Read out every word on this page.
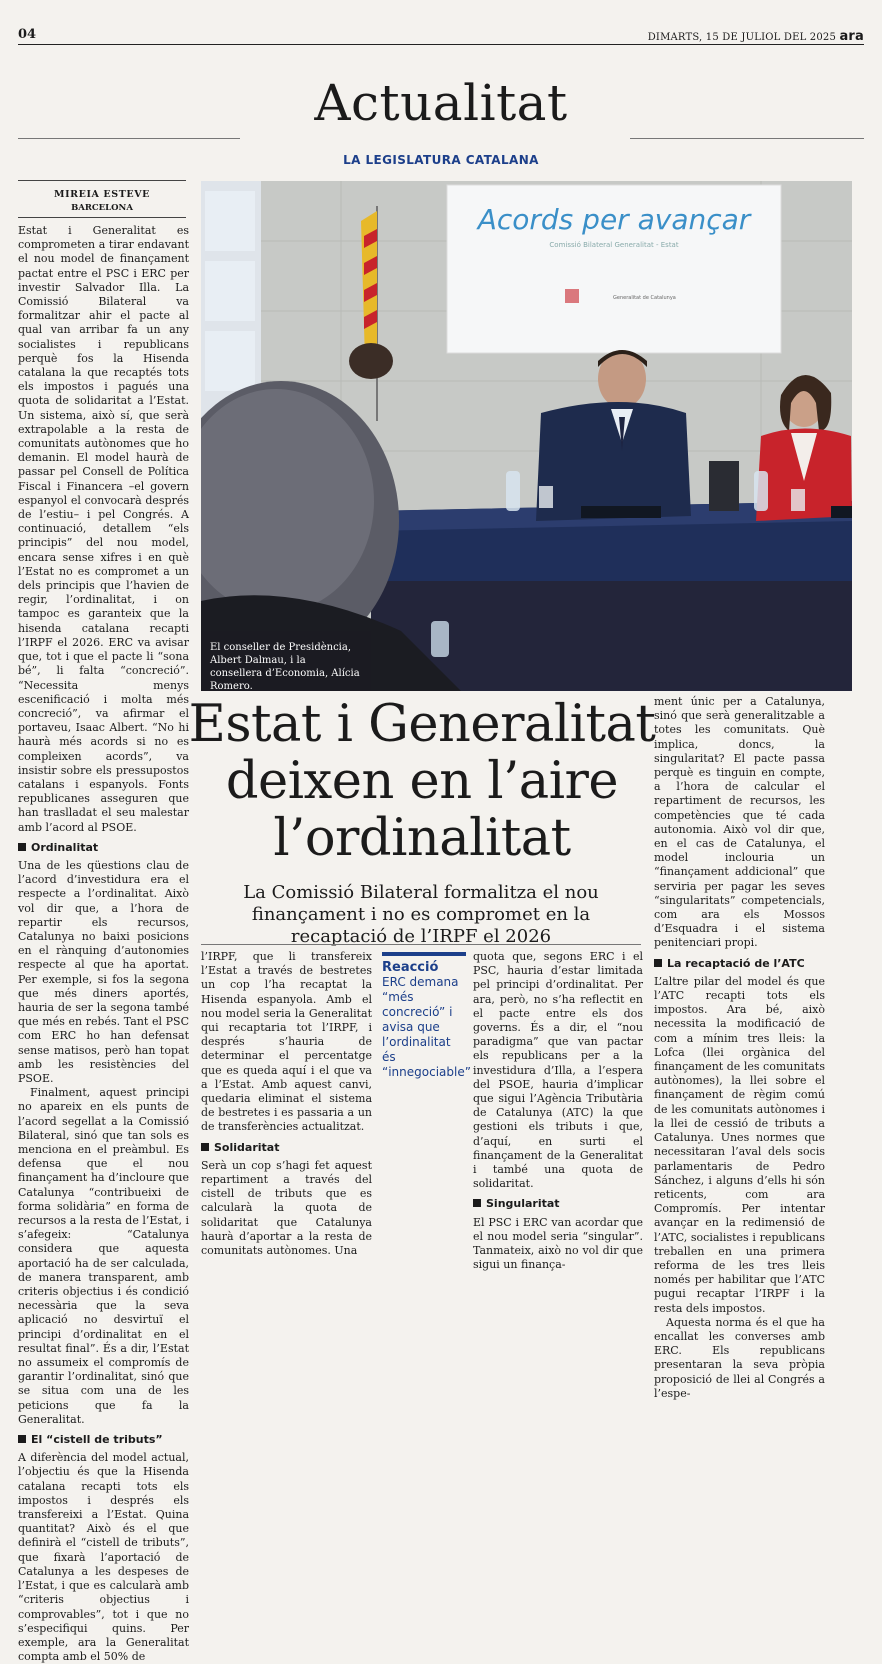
04	DIMARTS, 15 DE JULIOL DEL 2025 ara
Actualitat
LA LEGISLATURA CATALANA
MIREIA ESTEVE
BARCELONA

Estat i Generalitat es comprometen a tirar endavant el nou model de finançament pactat entre el PSC i ERC per investir Salvador Illa. La Comissió Bilateral va formalitzar ahir el pacte al qual van arribar fa un any socialistes i republicans perquè fos la Hisenda catalana la que recaptés tots els impostos i pagués una quota de solidaritat a l’Estat. Un sistema, això sí, que serà extrapolable a la resta de comunitats autònomes que ho demanin. El model haurà de passar pel Consell de Política Fiscal i Financera –el govern espanyol el convocarà després de l’estiu– i pel Congrés. A continuació, detallem “els principis” del nou model, encara sense xifres i en què l’Estat no es compromet a un dels principis que l’havien de regir, l’ordinalitat, i on tampoc es garanteix que la hisenda catalana recapti l’IRPF el 2026. ERC va avisar que, tot i que el pacte li “sona bé”, li falta “concreció”. “Necessita menys escenificació i molta més concreció”, va afirmar el portaveu, Isaac Albert. “No hi haurà més acords si no es compleixen acords”, va insistir sobre els pressupostos catalans i espanyols. Fonts republicanes asseguren que han traslladat el seu malestar amb l’acord al PSOE.

Ordinalitat

Una de les qüestions clau de l’acord d’investidura era el respecte a l’ordinalitat. Això vol dir que, a l’hora de repartir els recursos, Catalunya no baixi posicions en el rànquing d’autonomies respecte al que ha aportat. Per exemple, si fos la segona que més diners aportés, hauria de ser la segona també que més en rebés. Tant el PSC com ERC ho han defensat sense matisos, però han topat amb les resistències del PSOE.

Finalment, aquest principi no apareix en els punts de l’acord segellat a la Comissió Bilateral, sinó que tan sols es menciona en el preàmbul. Es defensa que el nou finançament ha d’incloure que Catalunya “contribueixi de forma solidària” en forma de recursos a la resta de l’Estat, i s’afegeix: “Catalunya considera que aquesta aportació ha de ser calculada, de manera transparent, amb criteris objectius i és condició necessària que la seva aplicació no desvirtuï el principi d’ordinalitat en el resultat final”. És a dir, l’Estat no assumeix el compromís de garantir l’ordinalitat, sinó que se situa com una de les peticions que fa la Generalitat.

El “cistell de tributs”

A diferència del model actual, l’objectiu és que la Hisenda catalana recapti tots els impostos i després els transfereixi a l’Estat. Quina quantitat? Això és el que definirà el “cistell de tributs”, que fixarà l’aportació de Catalunya a les despeses de l’Estat, i que es calcularà amb “criteris objectius i comprovables”, tot i que no s’especifiqui quins. Per exemple, ara la Generalitat compta amb el 50% de

Acords per avançar
Comissió Bilateral Generalitat - Estat
Generalitat de Catalunya
El conseller de Presidència, Albert Dalmau, i la consellera d’Economia, Alícia Romero.
Estat i Generalitat deixen en l’aire l’ordinalitat
La Comissió Bilateral formalitza el nou finançament i no es compromet en la recaptació de l’IRPF el 2026

l’IRPF, que li transfereix l’Estat a través de bestretes un cop l’ha recaptat la Hisenda espanyola. Amb el nou model seria la Generalitat qui recaptaria tot l’IRPF, i després s’hauria de determinar el percentatge que es queda aquí i el que va a l’Estat. Amb aquest canvi, quedaria eliminat el sistema de bestretes i es passaria a un de transferències actualitzat.

Solidaritat

Serà un cop s’hagi fet aquest repartiment a través del cistell de tributs que es calcularà la quota de solidaritat que Catalunya haurà d’aportar a la resta de comunitats autònomes. Una

Reacció
ERC demana “més concreció” i avisa que l’ordinalitat és “innegociable”

quota que, segons ERC i el PSC, hauria d’estar limitada pel principi d’ordinalitat. Per ara, però, no s’ha reflectit en el pacte entre els dos governs. És a dir, el “nou paradigma” que van pactar els republicans per a la investidura d’Illa, a l’espera del PSOE, hauria d’implicar que sigui l’Agència Tributària de Catalunya (ATC) la que gestioni els tributs i que, d’aquí, en surti el finançament de la Generalitat i també una quota de solidaritat.

Singularitat

El PSC i ERC van acordar que el nou model seria “singular”. Tanmateix, això no vol dir que sigui un finança-

ment únic per a Catalunya, sinó que serà generalitzable a totes les comunitats. Què implica, doncs, la singularitat? El pacte passa perquè es tinguin en compte, a l’hora de calcular el repartiment de recursos, les competències que té cada autonomia. Això vol dir que, en el cas de Catalunya, el model inclouria un “finançament addicional” que serviria per pagar les seves “singularitats” competencials, com ara els Mossos d’Esquadra i el sistema penitenciari propi.

La recaptació de l’ATC

L’altre pilar del model és que l’ATC recapti tots els impostos. Ara bé, això necessita la modificació de com a mínim tres lleis: la Lofca (llei orgànica del finançament de les comunitats autònomes), la llei sobre el finançament de règim comú de les comunitats autònomes i la llei de cessió de tributs a Catalunya. Unes normes que necessitaran l’aval dels socis parlamentaris de Pedro Sánchez, i alguns d’ells hi són reticents, com ara Compromís. Per intentar avançar en la redimensió de l’ATC, socialistes i republicans treballen en una primera reforma de les tres lleis només per habilitar que l’ATC pugui recaptar l’IRPF i la resta dels impostos.

Aquesta norma és el que ha encallat les converses amb ERC. Els republicans presentaran la seva pròpia proposició de llei al Congrés a l’espe-
